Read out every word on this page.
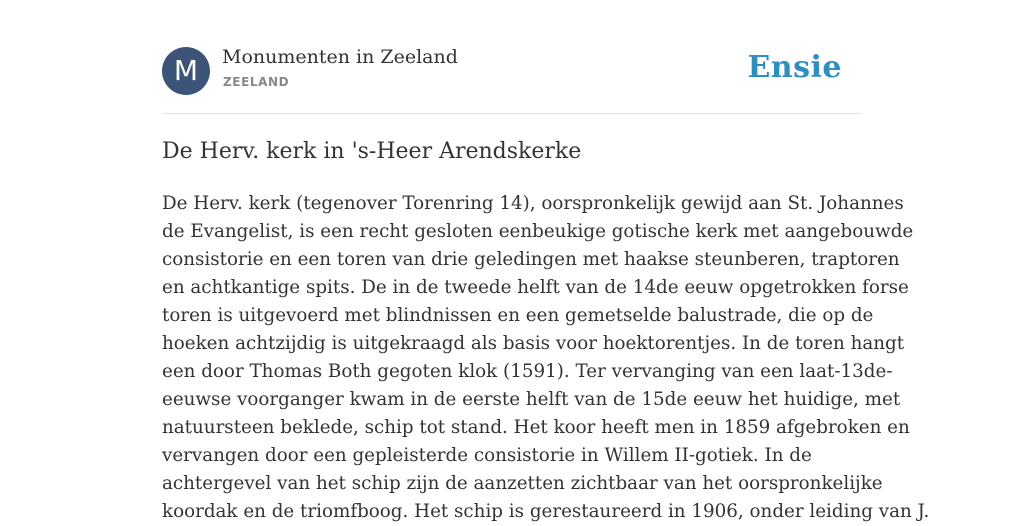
M	Monumenten in Zeeland
ZEELAND	Ensie
De Herv. kerk in 's-Heer Arendskerke
De Herv. kerk (tegenover Torenring 14), oorspronkelijk gewijd aan St. Johannes
de Evangelist, is een recht gesloten eenbeukige gotische kerk met aangebouwde
consistorie en een toren van drie geledingen met haakse steunberen, traptoren
en achtkantige spits. De in de tweede helft van de 14de eeuw opgetrokken forse
toren is uitgevoerd met blindnissen en een gemetselde balustrade, die op de
hoeken achtzijdig is uitgekraagd als basis voor hoektorentjes. In de toren hangt
een door Thomas Both gegoten klok (1591). Ter vervanging van een laat-13de-
eeuwse voorganger kwam in de eerste helft van de 15de eeuw het huidige, met
natuursteen beklede, schip tot stand. Het koor heeft men in 1859 afgebroken en
vervangen door een gepleisterde consistorie in Willem II-gotiek. In de
achtergevel van het schip zijn de aanzetten zichtbaar van het oorspronkelijke
koordak en de triomfboog. Het schip is gerestaureerd in 1906, onder leiding van J.
